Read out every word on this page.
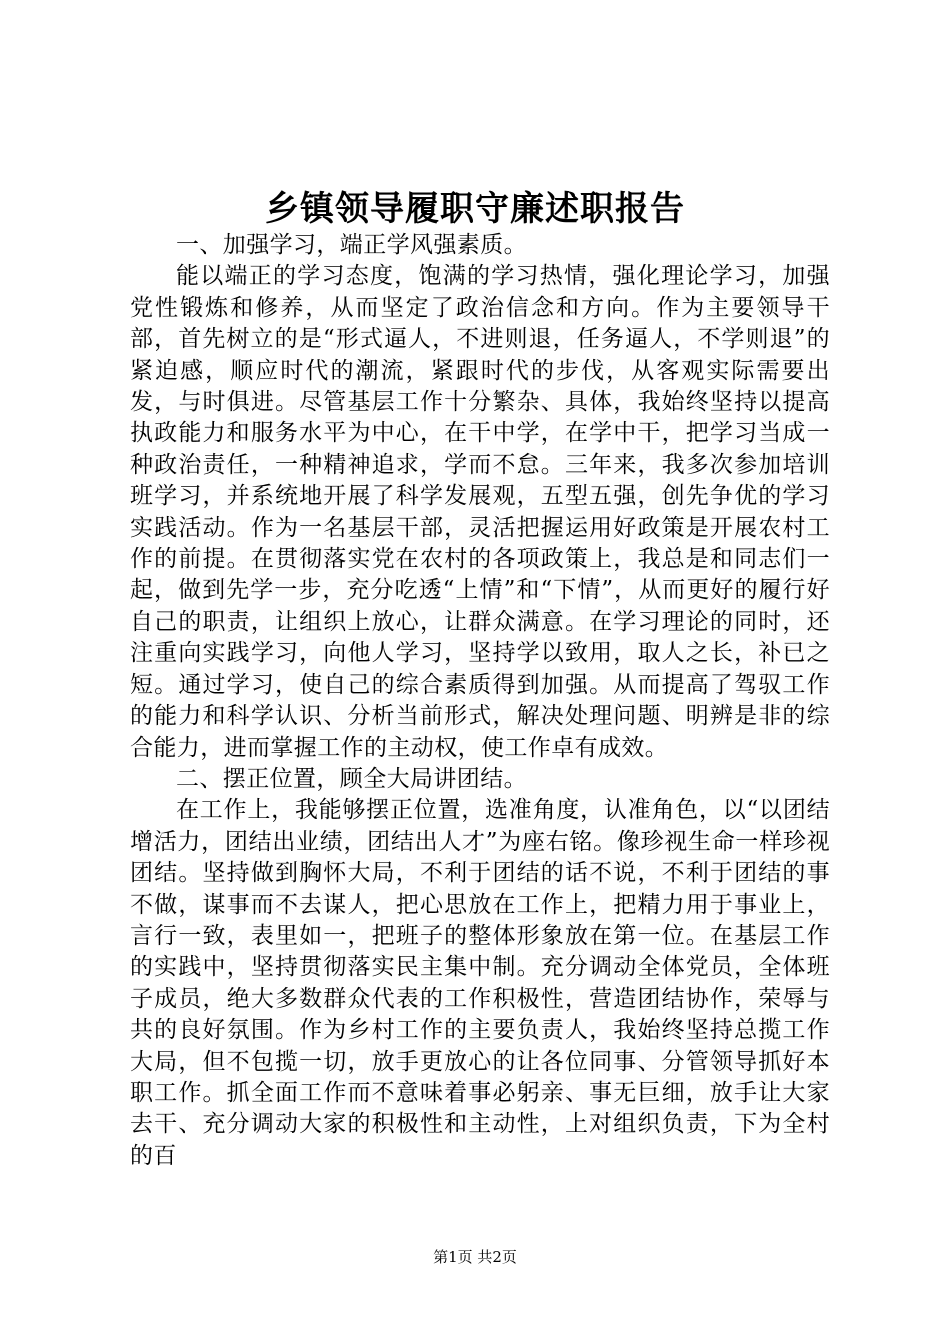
乡镇领导履职守廉述职报告

一、加强学习，端正学风强素质。

能以端正的学习态度，饱满的学习热情，强化理论学习，加强党性锻炼和修养，从而坚定了政治信念和方向。作为主要领导干部，首先树立的是“形式逼人，不进则退，任务逼人，不学则退”的紧迫感，顺应时代的潮流，紧跟时代的步伐，从客观实际需要出发，与时俱进。尽管基层工作十分繁杂、具体，我始终坚持以提高执政能力和服务水平为中心，在干中学，在学中干，把学习当成一种政治责任，一种精神追求，学而不怠。三年来，我多次参加培训班学习，并系统地开展了科学发展观，五型五强，创先争优的学习实践活动。作为一名基层干部，灵活把握运用好政策是开展农村工作的前提。在贯彻落实党在农村的各项政策上，我总是和同志们一起，做到先学一步，充分吃透“上情”和“下情”，从而更好的履行好自己的职责，让组织上放心，让群众满意。在学习理论的同时，还注重向实践学习，向他人学习，坚持学以致用，取人之长，补已之短。通过学习，使自己的综合素质得到加强。从而提高了驾驭工作的能力和科学认识、分析当前形式，解决处理问题、明辨是非的综合能力，进而掌握工作的主动权，使工作卓有成效。

二、摆正位置，顾全大局讲团结。

在工作上，我能够摆正位置，选准角度，认准角色，以“以团结增活力，团结出业绩，团结出人才”为座右铭。像珍视生命一样珍视团结。坚持做到胸怀大局，不利于团结的话不说，不利于团结的事不做，谋事而不去谋人，把心思放在工作上，把精力用于事业上，言行一致，表里如一，把班子的整体形象放在第一位。在基层工作的实践中，坚持贯彻落实民主集中制。充分调动全体党员，全体班子成员，绝大多数群众代表的工作积极性，营造团结协作，荣辱与共的良好氛围。作为乡村工作的主要负责人，我始终坚持总揽工作大局，但不包揽一切，放手更放心的让各位同事、分管领导抓好本职工作。抓全面工作而不意味着事必躬亲、事无巨细，放手让大家去干、充分调动大家的积极性和主动性，上对组织负责，下为全村的百

第1页 共2页
